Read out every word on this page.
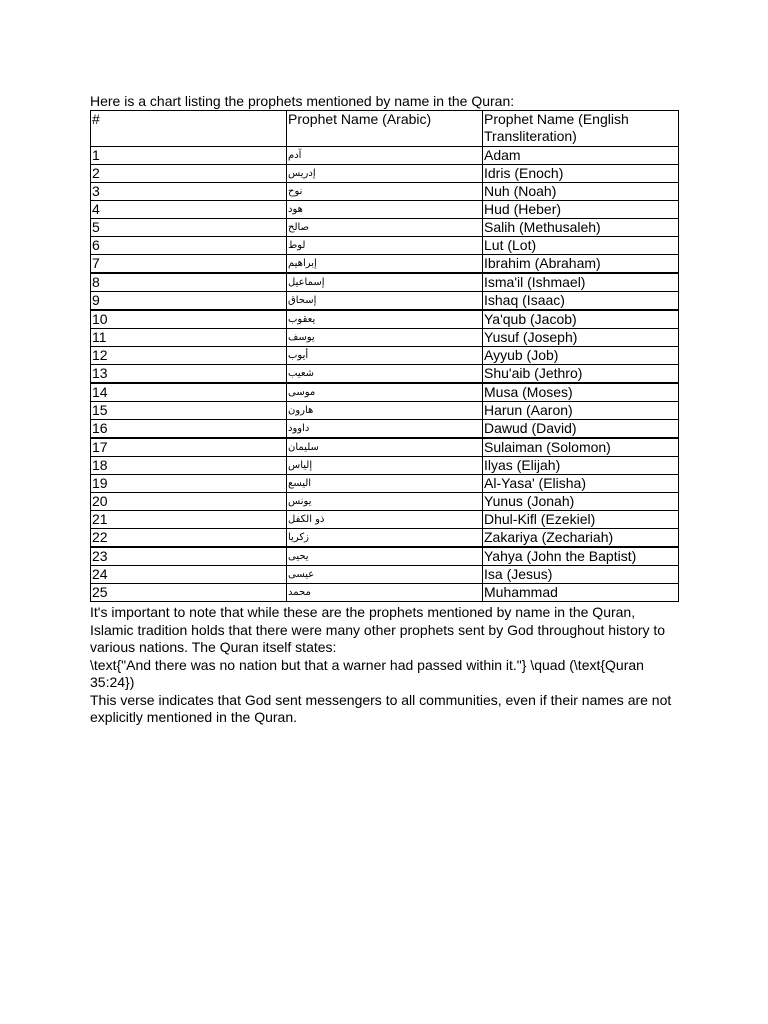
Here is a chart listing the prophets mentioned by name in the Quran:

#	Prophet Name (Arabic)	Prophet Name (English Transliteration)
1	آدم	Adam
2	إدريس	Idris (Enoch)
3	نوح	Nuh (Noah)
4	هود	Hud (Heber)
5	صالح	Salih (Methusaleh)
6	لوط	Lut (Lot)
7	إبراهيم	Ibrahim (Abraham)
8	إسماعيل	Isma'il (Ishmael)
9	إسحاق	Ishaq (Isaac)
10	يعقوب	Ya'qub (Jacob)
11	يوسف	Yusuf (Joseph)
12	أيوب	Ayyub (Job)
13	شعيب	Shu'aib (Jethro)
14	موسى	Musa (Moses)
15	هارون	Harun (Aaron)
16	داوود	Dawud (David)
17	سليمان	Sulaiman (Solomon)
18	إلياس	Ilyas (Elijah)
19	اليسع	Al-Yasa' (Elisha)
20	يونس	Yunus (Jonah)
21	ذو الكفل	Dhul-Kifl (Ezekiel)
22	زكريا	Zakariya (Zechariah)
23	يحيى	Yahya (John the Baptist)
24	عيسى	Isa (Jesus)
25	محمد	Muhammad

It's important to note that while these are the prophets mentioned by name in the Quran, Islamic tradition holds that there were many other prophets sent by God throughout history to various nations. The Quran itself states:

\text{"And there was no nation but that a warner had passed within it."} \quad (\text{Quran 35:24})

This verse indicates that God sent messengers to all communities, even if their names are not explicitly mentioned in the Quran.
